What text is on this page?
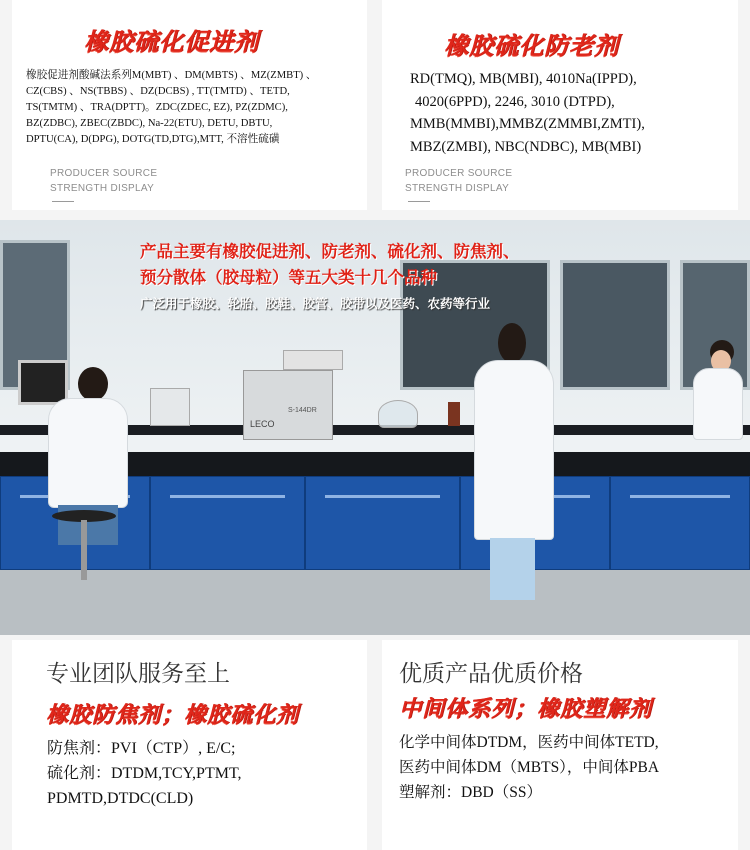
橡胶硫化促进剂
橡胶促进剂酸碱法系列M(MBT) 、DM(MBTS) 、MZ(ZMBT) 、
CZ(CBS) 、NS(TBBS) 、DZ(DCBS) , TT(TMTD) 、TETD,
TS(TMTM) 、TRA(DPTT)。ZDC(ZDEC, EZ), PZ(ZDMC),
BZ(ZDBC), ZBEC(ZBDC), Na-22(ETU), DETU, DBTU,
DPTU(CA), D(DPG), DOTG(TD,DTG),MTT, 不溶性硫磺
PRODUCER SOURCE
STRENGTH DISPLAY
橡胶硫化防老剂
RD(TMQ), MB(MBI), 4010Na(IPPD),
4020(6PPD), 2246, 3010 (DTPD),
MMB(MMBI),MMBZ(ZMMBI,ZMTI),
MBZ(ZMBI), NBC(NDBC), MB(MBI)
PRODUCER SOURCE
STRENGTH DISPLAY
LECO
S-144DR
产品主要有橡胶促进剂、防老剂、硫化剂、防焦剂、
预分散体（胶母粒）等五大类十几个品种
广泛用于橡胶、轮胎、胶鞋、胶管、胶带以及医药、农药等行业
专业团队服务至上
橡胶防焦剂；橡胶硫化剂
防焦剂：PVI（CTP）, E/C;
硫化剂：DTDM,TCY,PTMT,
PDMTD,DTDC(CLD)
优质产品优质价格
中间体系列；橡胶塑解剂
化学中间体DTDM，医药中间体TETD,
医药中间体DM（MBTS），中间体PBA
塑解剂：DBD（SS）
